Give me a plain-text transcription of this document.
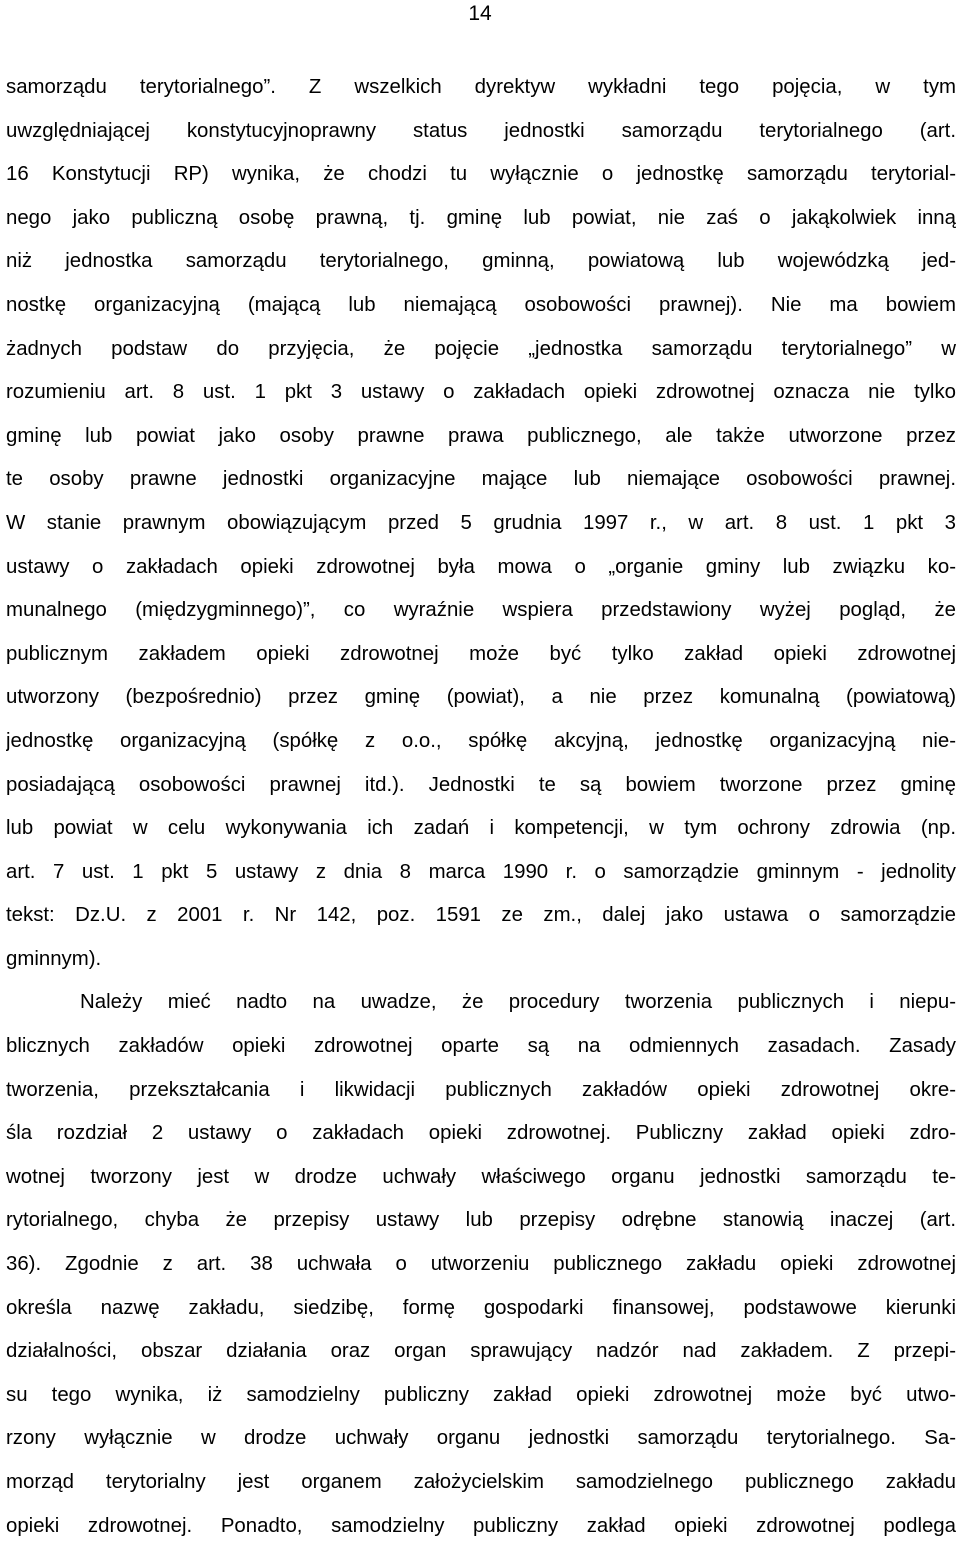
14
samorządu terytorialnego”. Z wszelkich dyrektyw wykładni tego pojęcia, w tym
uwzględniającej konstytucyjnoprawny status jednostki samorządu terytorialnego (art.
16 Konstytucji RP) wynika, że chodzi tu wyłącznie o jednostkę samorządu terytorial-
nego jako publiczną osobę prawną, tj. gminę lub powiat, nie zaś o jakąkolwiek inną
niż jednostka samorządu terytorialnego, gminną, powiatową lub wojewódzką jed-
nostkę organizacyjną (mającą lub niemającą osobowości prawnej). Nie ma bowiem
żadnych podstaw do przyjęcia, że pojęcie „jednostka samorządu terytorialnego” w
rozumieniu art. 8 ust. 1 pkt 3 ustawy o zakładach opieki zdrowotnej oznacza nie tylko
gminę lub powiat jako osoby prawne prawa publicznego, ale także utworzone przez
te osoby prawne jednostki organizacyjne mające lub niemające osobowości prawnej.
W stanie prawnym obowiązującym przed 5 grudnia 1997 r., w art. 8 ust. 1 pkt 3
ustawy o zakładach opieki zdrowotnej była mowa o „organie gminy lub związku ko-
munalnego (międzygminnego)”, co wyraźnie wspiera przedstawiony wyżej pogląd, że
publicznym zakładem opieki zdrowotnej może być tylko zakład opieki zdrowotnej
utworzony (bezpośrednio) przez gminę (powiat), a nie przez komunalną (powiatową)
jednostkę organizacyjną (spółkę z o.o., spółkę akcyjną, jednostkę organizacyjną nie-
posiadającą osobowości prawnej itd.). Jednostki te są bowiem tworzone przez gminę
lub powiat w celu wykonywania ich zadań i kompetencji, w tym ochrony zdrowia (np.
art. 7 ust. 1 pkt 5 ustawy z dnia 8 marca 1990 r. o samorządzie gminnym - jednolity
tekst: Dz.U. z 2001 r. Nr 142, poz. 1591 ze zm., dalej jako ustawa o samorządzie
gminnym).
Należy mieć nadto na uwadze, że procedury tworzenia publicznych i niepu-
blicznych zakładów opieki zdrowotnej oparte są na odmiennych zasadach. Zasady
tworzenia, przekształcania i likwidacji publicznych zakładów opieki zdrowotnej okre-
śla rozdział 2 ustawy o zakładach opieki zdrowotnej. Publiczny zakład opieki zdro-
wotnej tworzony jest w drodze uchwały właściwego organu jednostki samorządu te-
rytorialnego, chyba że przepisy ustawy lub przepisy odrębne stanowią inaczej (art.
36). Zgodnie z art. 38 uchwała o utworzeniu publicznego zakładu opieki zdrowotnej
określa nazwę zakładu, siedzibę, formę gospodarki finansowej, podstawowe kierunki
działalności, obszar działania oraz organ sprawujący nadzór nad zakładem. Z przepi-
su tego wynika, iż samodzielny publiczny zakład opieki zdrowotnej może być utwo-
rzony wyłącznie w drodze uchwały organu jednostki samorządu terytorialnego. Sa-
morząd terytorialny jest organem założycielskim samodzielnego publicznego zakładu
opieki zdrowotnej. Ponadto, samodzielny publiczny zakład opieki zdrowotnej podlega
